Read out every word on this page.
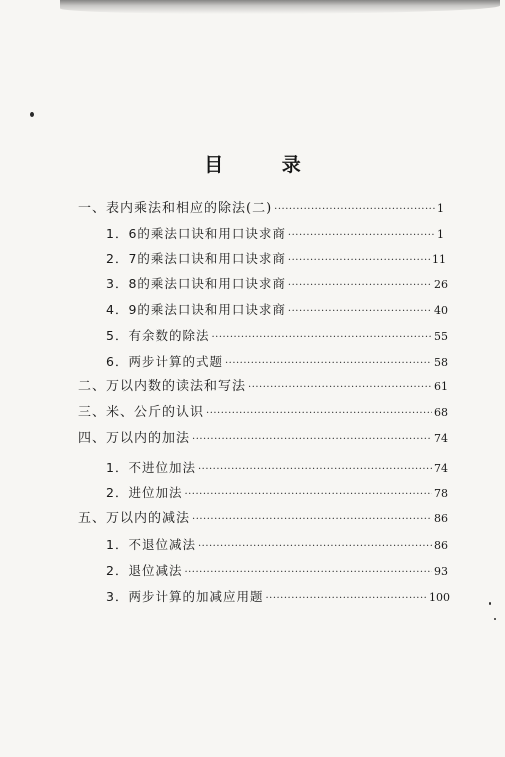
目 录
一、表内乘法和相应的除法(二) ·····	1
1．6的乘法口诀和用口诀求商 ·····	1
2．7的乘法口诀和用口诀求商 ·····	11
3．8的乘法口诀和用口诀求商 ·····	26
4．9的乘法口诀和用口诀求商 ·····	40
5．有余数的除法 ·····	55
6．两步计算的式题 ·····	58
二、万以内数的读法和写法 ·····	61
三、米、公斤的认识 ·····	68
四、万以内的加法 ·····	74
1．不进位加法 ·····	74
2．进位加法 ·····	78
五、万以内的减法 ·····	86
1．不退位减法 ·····	86
2．退位减法 ·····	93
3．两步计算的加减应用题 ·····	100
